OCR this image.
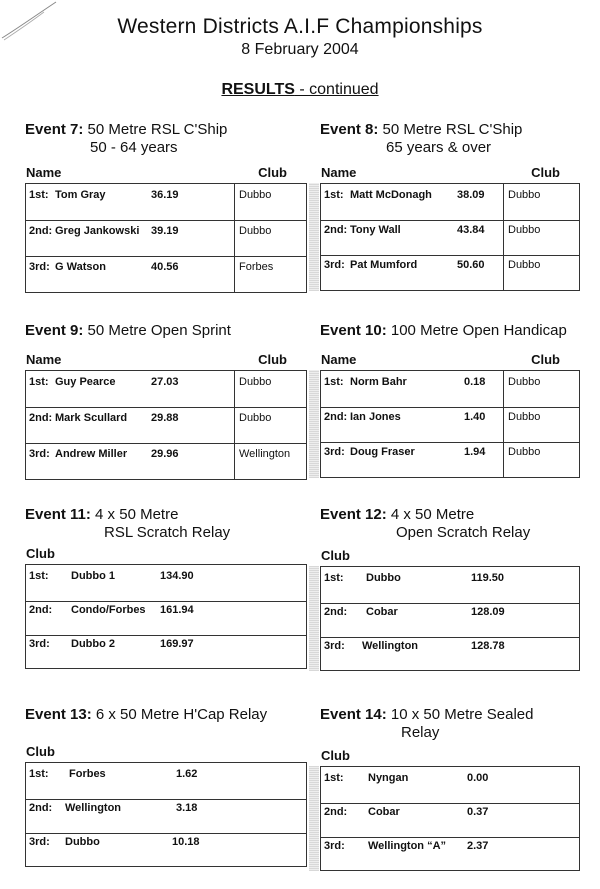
Western Districts A.I.F Championships
8 February 2004
RESULTS - continued
Event 7: 50 Metre RSL C'Ship
50 - 64 years
Name	Club
1st: Tom Gray	36.19	Dubbo
2nd: Greg Jankowski 39.19	Dubbo
3rd: G Watson	40.56	Forbes
Event 8: 50 Metre RSL C'Ship
65 years & over
Name	Club
1st: Matt McDonagh 38.09	Dubbo
2nd: Tony Wall	43.84	Dubbo
3rd: Pat Mumford	50.60	Dubbo
Event 9: 50 Metre Open Sprint
Name	Club
1st: Guy Pearce	27.03	Dubbo
2nd: Mark Scullard 29.88	Dubbo
3rd: Andrew Miller 29.96	Wellington
Event 10: 100 Metre Open Handicap
Name	Club
1st: Norm Bahr	0.18	Dubbo
2nd: Ian Jones	1.40	Dubbo
3rd: Doug Fraser	1.94	Dubbo
Event 11: 4 x 50 Metre
RSL Scratch Relay
Club
1st: Dubbo 1	134.90
2nd: Condo/Forbes 161.94
3rd: Dubbo 2	169.97
Event 12: 4 x 50 Metre
Open Scratch Relay
Club
1st: Dubbo	119.50
2nd: Cobar	128.09
3rd: Wellington	128.78
Event 13: 6 x 50 Metre H'Cap Relay
Club
1st: Forbes	1.62
2nd: Wellington	3.18
3rd: Dubbo	10.18
Event 14: 10 x 50 Metre Sealed
Relay
Club
1st: Nyngan	0.00
2nd: Cobar	0.37
3rd: Wellington “A” 2.37
